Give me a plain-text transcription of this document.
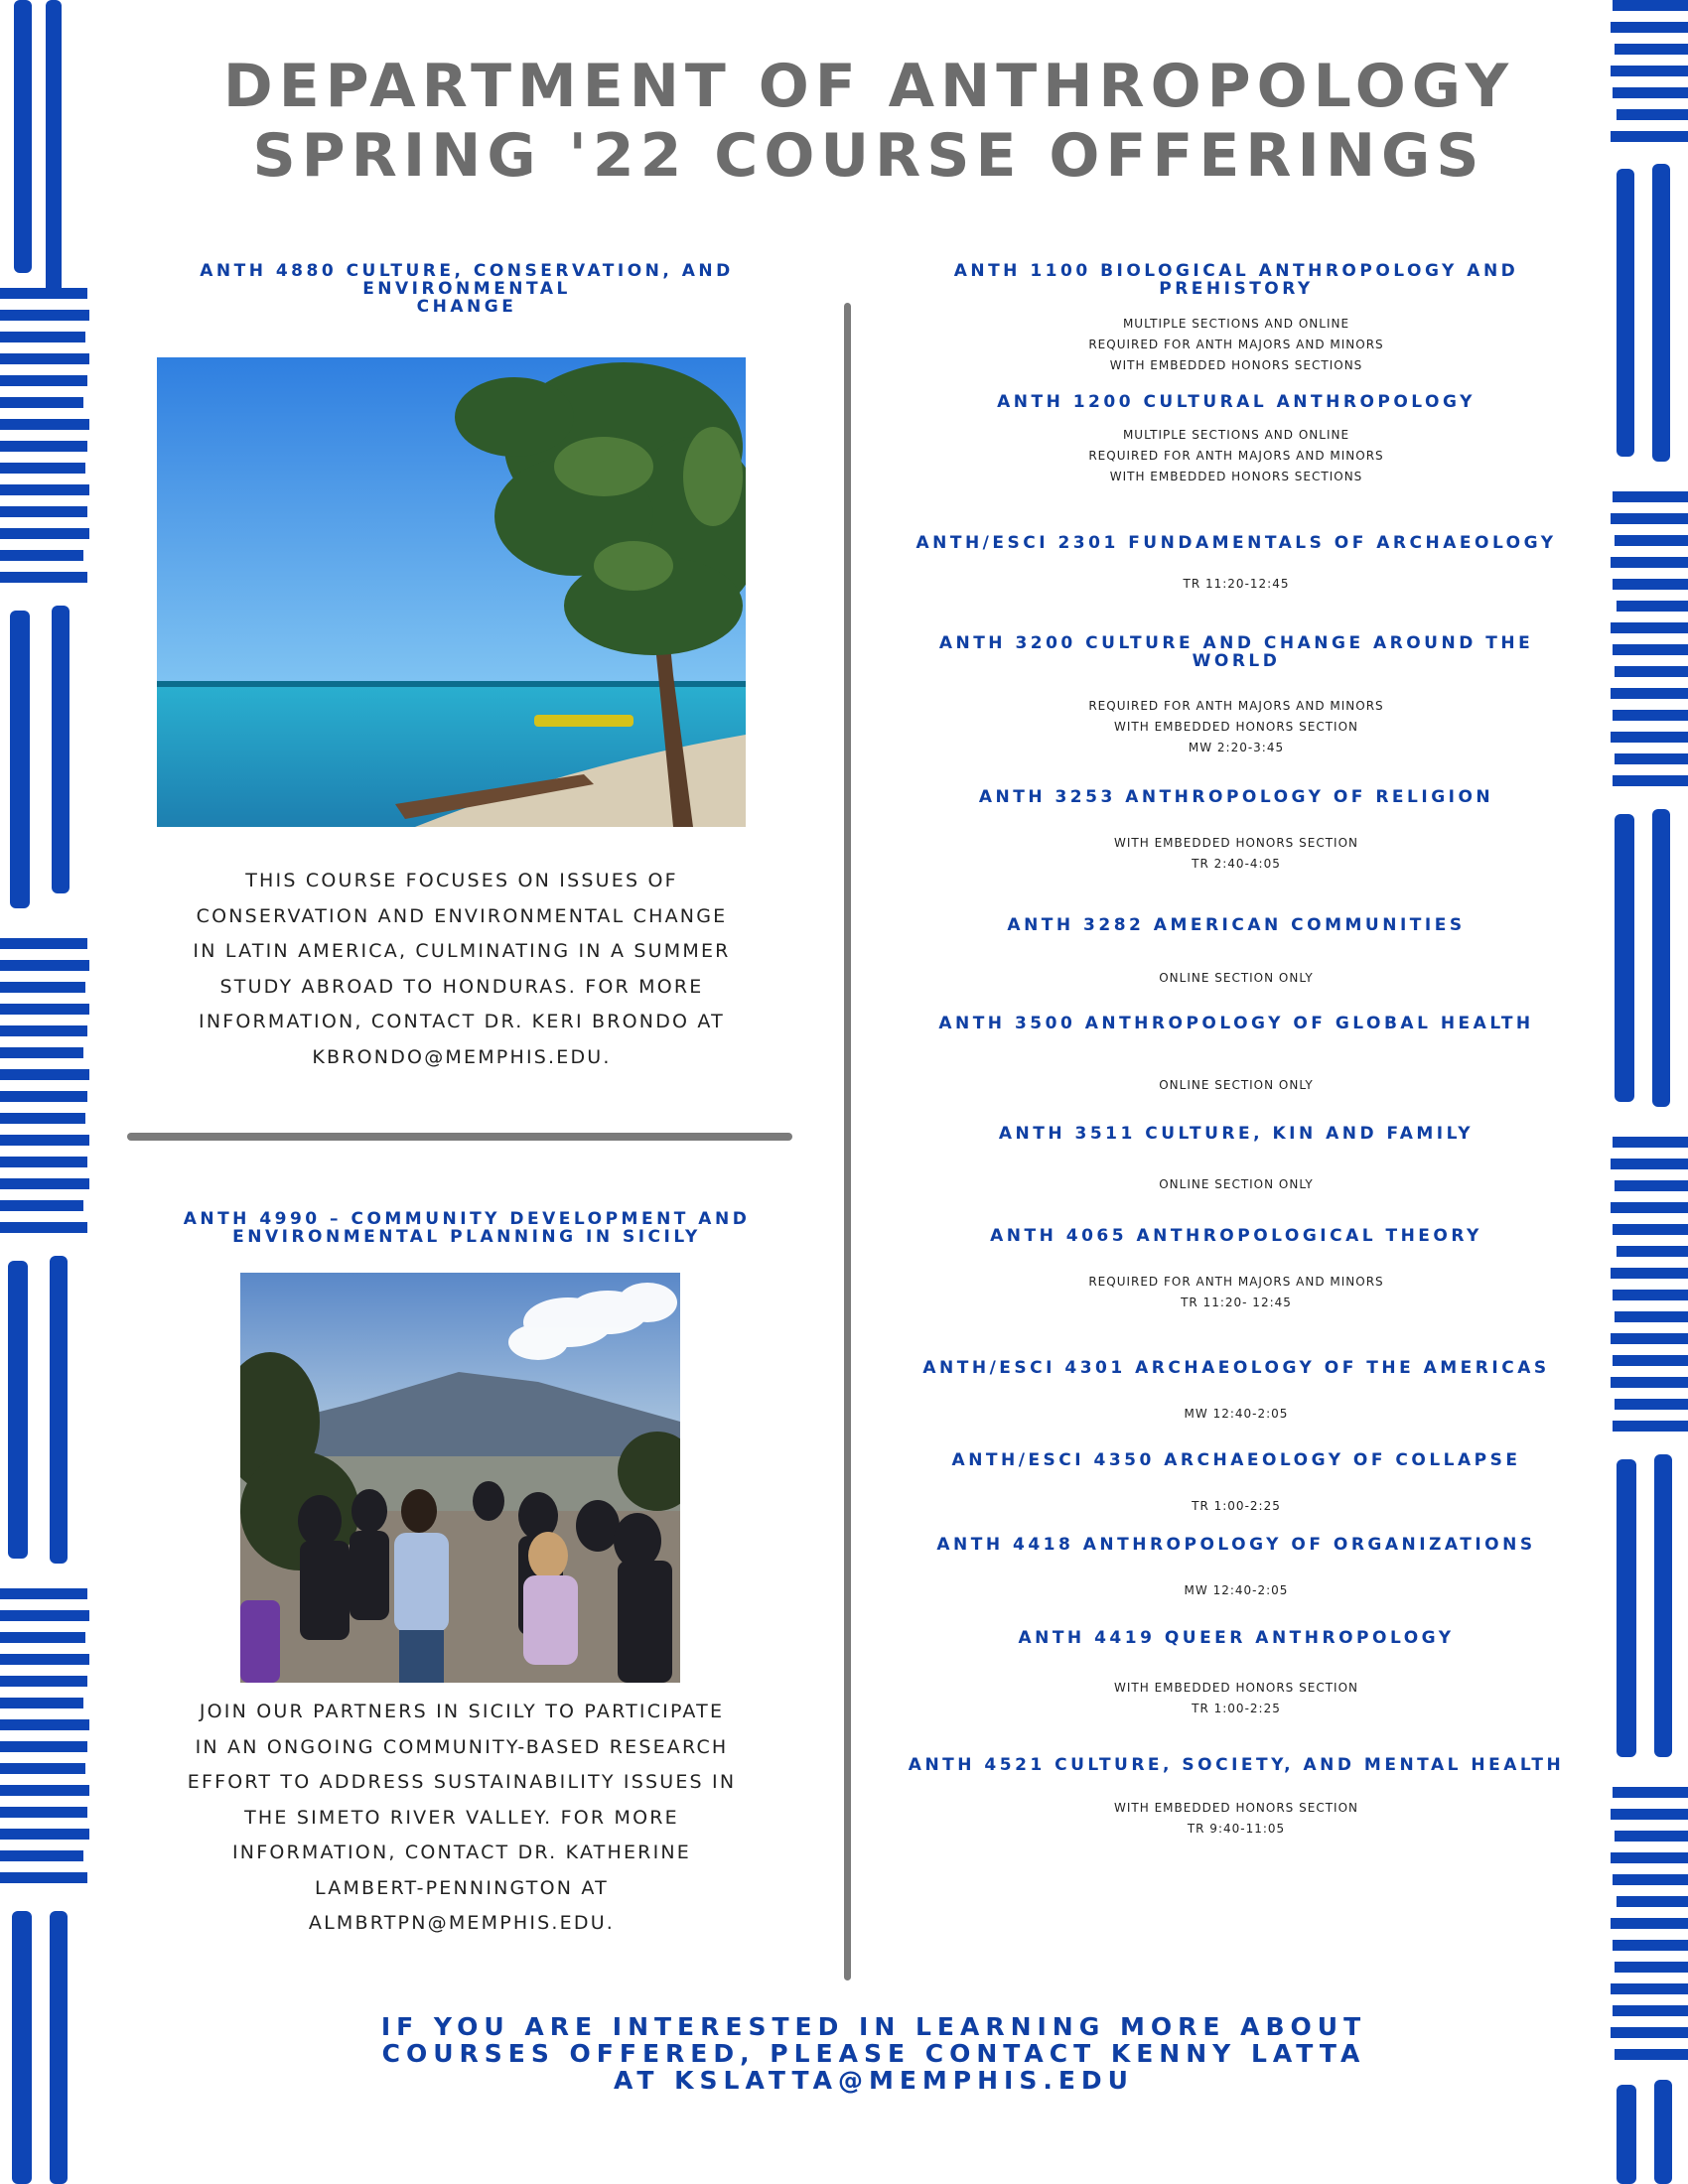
DEPARTMENT OF ANTHROPOLOGY
SPRING '22 COURSE OFFERINGS
ANTH 4880 CULTURE, CONSERVATION, AND ENVIRONMENTAL
CHANGE
THIS COURSE FOCUSES ON ISSUES OF
CONSERVATION AND ENVIRONMENTAL CHANGE
IN LATIN AMERICA, CULMINATING IN A SUMMER
STUDY ABROAD TO HONDURAS. FOR MORE
INFORMATION, CONTACT DR. KERI BRONDO AT
KBRONDO@MEMPHIS.EDU.
ANTH 4990 – COMMUNITY DEVELOPMENT AND
ENVIRONMENTAL PLANNING IN SICILY
JOIN OUR PARTNERS IN SICILY TO PARTICIPATE
IN AN ONGOING COMMUNITY-BASED RESEARCH
EFFORT TO ADDRESS SUSTAINABILITY ISSUES IN
THE SIMETO RIVER VALLEY. FOR MORE
INFORMATION, CONTACT DR. KATHERINE
LAMBERT-PENNINGTON AT
ALMBRTPN@MEMPHIS.EDU.
ANTH 1100 BIOLOGICAL ANTHROPOLOGY AND PREHISTORY
MULTIPLE SECTIONS AND ONLINE
REQUIRED FOR ANTH MAJORS AND MINORS
WITH EMBEDDED HONORS SECTIONS
ANTH 1200 CULTURAL ANTHROPOLOGY
MULTIPLE SECTIONS AND ONLINE
REQUIRED FOR ANTH MAJORS AND MINORS
WITH EMBEDDED HONORS SECTIONS
ANTH/ESCI 2301 FUNDAMENTALS OF ARCHAEOLOGY
TR 11:20-12:45
ANTH 3200 CULTURE AND CHANGE AROUND THE
WORLD
REQUIRED FOR ANTH MAJORS AND MINORS
WITH EMBEDDED HONORS SECTION
MW 2:20-3:45
ANTH 3253 ANTHROPOLOGY OF RELIGION
WITH EMBEDDED HONORS SECTION
TR 2:40-4:05
ANTH 3282 AMERICAN COMMUNITIES
ONLINE SECTION ONLY
ANTH 3500 ANTHROPOLOGY OF GLOBAL HEALTH
ONLINE SECTION ONLY
ANTH 3511 CULTURE, KIN AND FAMILY
ONLINE SECTION ONLY
ANTH 4065 ANTHROPOLOGICAL THEORY
REQUIRED FOR ANTH MAJORS AND MINORS
TR 11:20- 12:45
ANTH/ESCI 4301 ARCHAEOLOGY OF THE AMERICAS
MW 12:40-2:05
ANTH/ESCI 4350 ARCHAEOLOGY OF COLLAPSE
TR 1:00-2:25
ANTH 4418 ANTHROPOLOGY OF ORGANIZATIONS
MW 12:40-2:05
ANTH 4419 QUEER ANTHROPOLOGY
WITH EMBEDDED HONORS SECTION
TR 1:00-2:25
ANTH 4521 CULTURE, SOCIETY, AND MENTAL HEALTH
WITH EMBEDDED HONORS SECTION
TR 9:40-11:05
IF YOU ARE INTERESTED IN LEARNING MORE ABOUT
COURSES OFFERED, PLEASE CONTACT KENNY LATTA
AT KSLATTA@MEMPHIS.EDU
